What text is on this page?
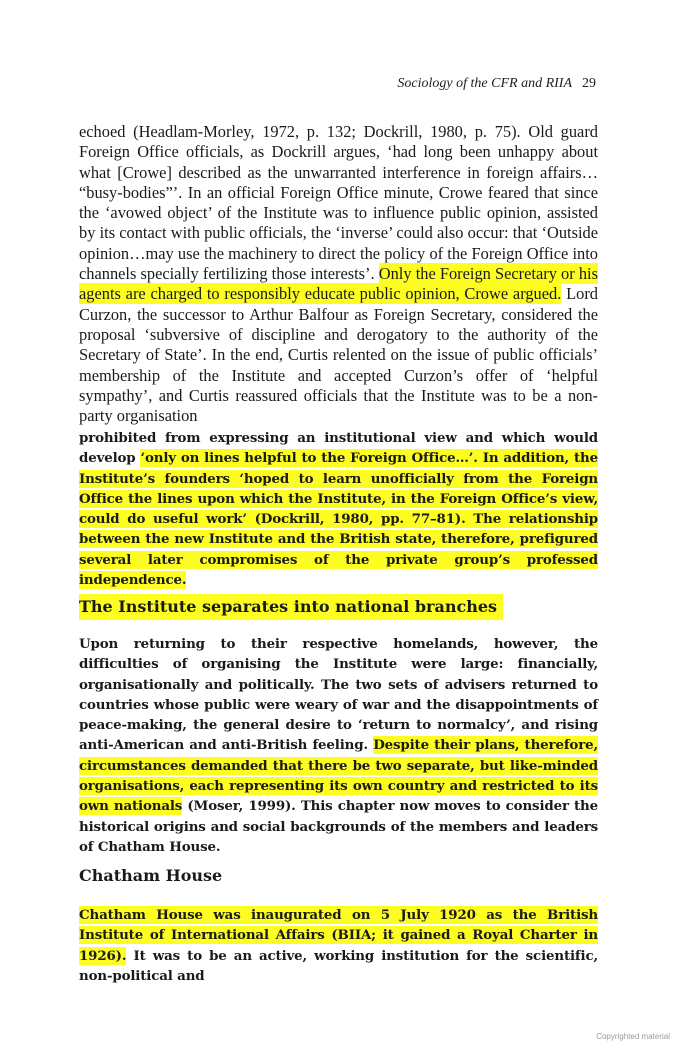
Sociology of the CFR and RIIA 29
echoed (Headlam-Morley, 1972, p. 132; Dockrill, 1980, p. 75). Old guard Foreign Office officials, as Dockrill argues, ‘had long been unhappy about what [Crowe] described as the unwarranted interference in foreign affairs… “busy-bodies”’. In an official Foreign Office minute, Crowe feared that since the ‘avowed object’ of the Institute was to influence public opinion, assisted by its contact with public officials, the ‘inverse’ could also occur: that ‘Outside opinion…may use the machinery to direct the policy of the Foreign Office into channels specially fertilizing those interests’. Only the Foreign Secretary or his agents are charged to responsibly educate public opinion, Crowe argued. Lord Curzon, the successor to Arthur Balfour as Foreign Secretary, considered the proposal ‘subversive of discipline and derogatory to the authority of the Secretary of State’. In the end, Curtis relented on the issue of public officials’ membership of the Institute and accepted Curzon’s offer of ‘helpful sympathy’, and Curtis reassured officials that the Institute was to be a non-party organisation
prohibited from expressing an institutional view and which would develop ‘only on lines helpful to the Foreign Office…’. In addition, the Institute’s founders ‘hoped to learn unofficially from the Foreign Office the lines upon which the Institute, in the Foreign Office’s view, could do useful work’ (Dockrill, 1980, pp. 77–81). The relationship between the new Institute and the British state, therefore, prefigured several later compromises of the private group’s professed independence.
The Institute separates into national branches
Upon returning to their respective homelands, however, the difficulties of organising the Institute were large: financially, organisationally and politically. The two sets of advisers returned to countries whose public were weary of war and the disappointments of peace-making, the general desire to ‘return to normalcy’, and rising anti-American and anti-British feeling. Despite their plans, therefore, circumstances demanded that there be two separate, but like-minded organisations, each representing its own country and restricted to its own nationals (Moser, 1999). This chapter now moves to consider the historical origins and social backgrounds of the members and leaders of Chatham House.
Chatham House
Chatham House was inaugurated on 5 July 1920 as the British Institute of International Affairs (BIIA; it gained a Royal Charter in 1926). It was to be an active, working institution for the scientific, non-political and
Copyrighted material
